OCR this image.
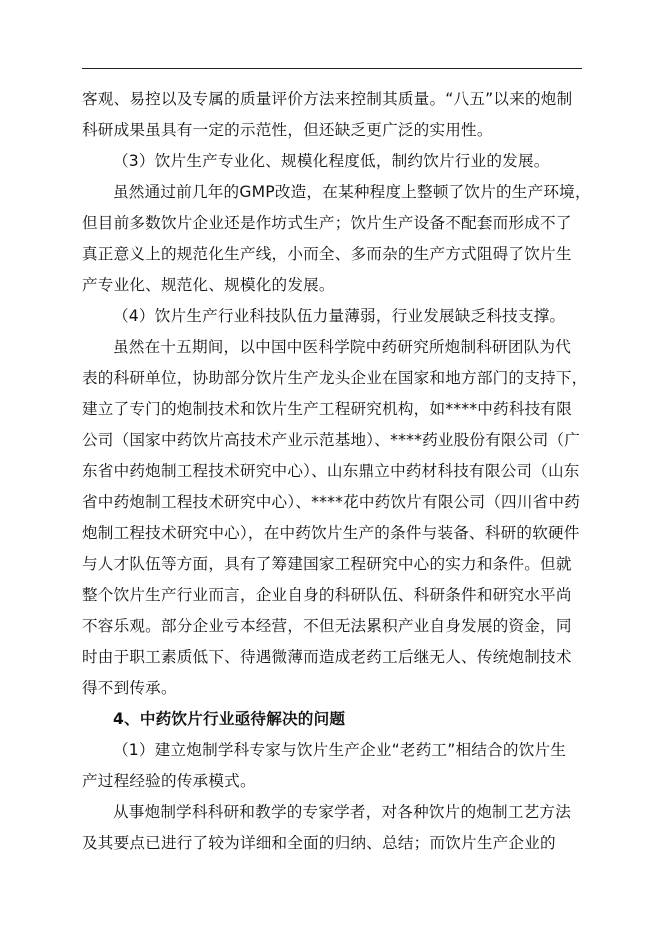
客观、易控以及专属的质量评价方法来控制其质量。“八五”以来的炮制
科研成果虽具有一定的示范性，但还缺乏更广泛的实用性。
（3）饮片生产专业化、规模化程度低，制约饮片行业的发展。
虽然通过前几年的GMP改造，在某种程度上整顿了饮片的生产环境，
但目前多数饮片企业还是作坊式生产；饮片生产设备不配套而形成不了
真正意义上的规范化生产线，小而全、多而杂的生产方式阻碍了饮片生
产专业化、规范化、规模化的发展。
（4）饮片生产行业科技队伍力量薄弱，行业发展缺乏科技支撑。
虽然在十五期间，以中国中医科学院中药研究所炮制科研团队为代
表的科研单位，协助部分饮片生产龙头企业在国家和地方部门的支持下，
建立了专门的炮制技术和饮片生产工程研究机构，如****中药科技有限
公司（国家中药饮片高技术产业示范基地）、****药业股份有限公司（广
东省中药炮制工程技术研究中心）、山东鼎立中药材科技有限公司（山东
省中药炮制工程技术研究中心）、****花中药饮片有限公司（四川省中药
炮制工程技术研究中心），在中药饮片生产的条件与装备、科研的软硬件
与人才队伍等方面，具有了筹建国家工程研究中心的实力和条件。但就
整个饮片生产行业而言，企业自身的科研队伍、科研条件和研究水平尚
不容乐观。部分企业亏本经营，不但无法累积产业自身发展的资金，同
时由于职工素质低下、待遇微薄而造成老药工后继无人、传统炮制技术
得不到传承。
4、中药饮片行业亟待解决的问题
（1）建立炮制学科专家与饮片生产企业“老药工”相结合的饮片生
产过程经验的传承模式。
从事炮制学科科研和教学的专家学者，对各种饮片的炮制工艺方法
及其要点已进行了较为详细和全面的归纳、总结；而饮片生产企业的
